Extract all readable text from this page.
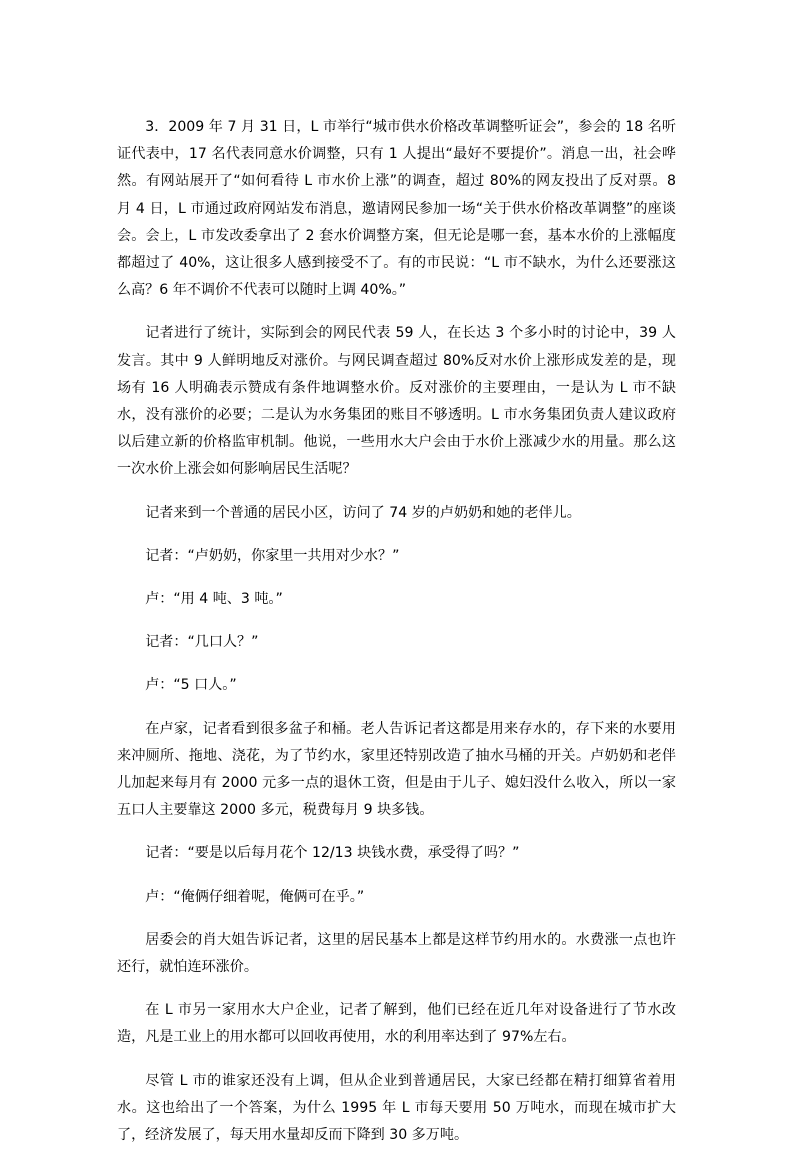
3．2009 年 7 月 31 日，L 市举行“城市供水价格改革调整听证会”，参会的 18 名听证代表中，17 名代表同意水价调整，只有 1 人提出“最好不要提价”。消息一出，社会哗然。有网站展开了“如何看待 L 市水价上涨”的调查，超过 80%的网友投出了反对票。8 月 4 日，L 市通过政府网站发布消息，邀请网民参加一场“关于供水价格改革调整”的座谈会。会上，L 市发改委拿出了 2 套水价调整方案，但无论是哪一套，基本水价的上涨幅度都超过了 40%，这让很多人感到接受不了。有的市民说：“L 市不缺水，为什么还要涨这么高？6 年不调价不代表可以随时上调 40%。”

记者进行了统计，实际到会的网民代表 59 人，在长达 3 个多小时的讨论中，39 人发言。其中 9 人鲜明地反对涨价。与网民调查超过 80%反对水价上涨形成发差的是，现场有 16 人明确表示赞成有条件地调整水价。反对涨价的主要理由，一是认为 L 市不缺水，没有涨价的必要；二是认为水务集团的账目不够透明。L 市水务集团负责人建议政府以后建立新的价格监审机制。他说，一些用水大户会由于水价上涨减少水的用量。那么这一次水价上涨会如何影响居民生活呢？

记者来到一个普通的居民小区，访问了 74 岁的卢奶奶和她的老伴儿。

记者：“卢奶奶，你家里一共用对少水？”

卢：“用 4 吨、3 吨。”

记者：“几口人？”

卢：“5 口人。”

在卢家，记者看到很多盆子和桶。老人告诉记者这都是用来存水的，存下来的水要用来冲厕所、拖地、浇花，为了节约水，家里还特别改造了抽水马桶的开关。卢奶奶和老伴儿加起来每月有 2000 元多一点的退休工资，但是由于儿子、媳妇没什么收入，所以一家五口人主要靠这 2000 多元，税费每月 9 块多钱。

记者：“要是以后每月花个 12/13 块钱水费，承受得了吗？”

卢：“俺俩仔细着呢，俺俩可在乎。”

居委会的肖大姐告诉记者，这里的居民基本上都是这样节约用水的。水费涨一点也许还行，就怕连环涨价。

在 L 市另一家用水大户企业，记者了解到，他们已经在近几年对设备进行了节水改造，凡是工业上的用水都可以回收再使用，水的利用率达到了 97%左右。

尽管 L 市的谁家还没有上调，但从企业到普通居民，大家已经都在精打细算省着用水。这也给出了一个答案，为什么 1995 年 L 市每天要用 50 万吨水，而现在城市扩大了，经济发展了，每天用水量却反而下降到 30 多万吨。
